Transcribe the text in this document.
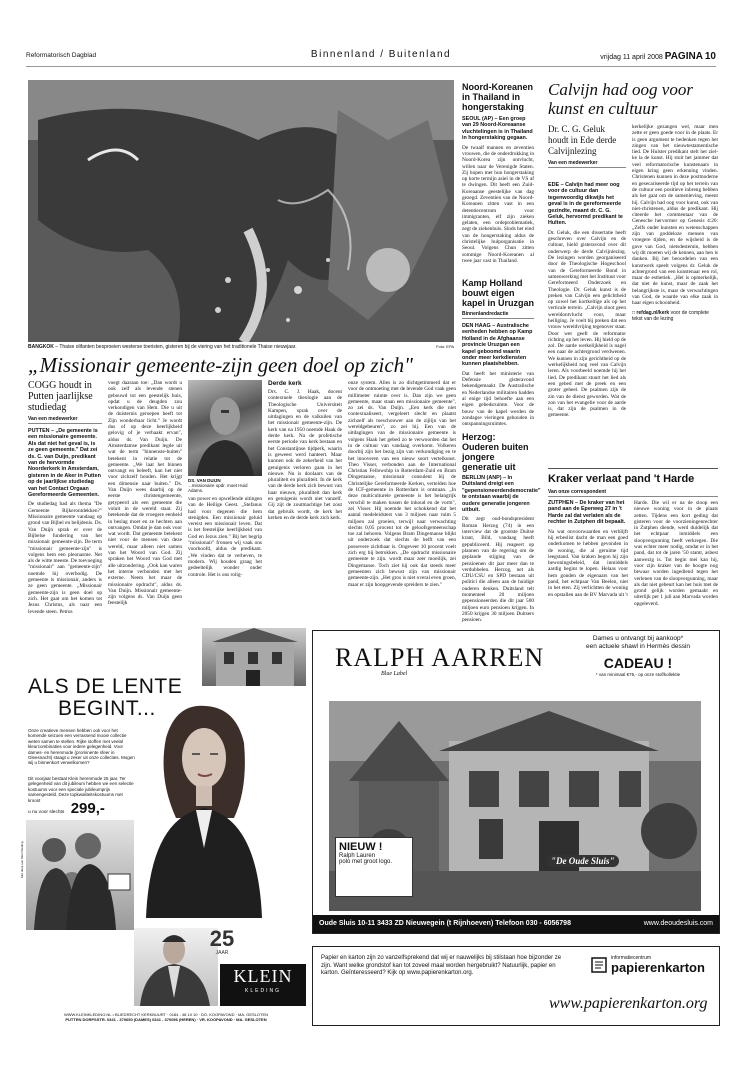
Reformatorisch Dagblad	Binnenland / Buitenland	vrijdag 11 april 2008 PAGINA 10
BANGKOK – Thaise olifanten besproeien westerse toeristen, gisteren bij de viering van het traditionele Thaise nieuwjaar.	Foto: EPA
Noord-Koreanen in Thailand in hongerstaking

SEOUL (AP) – Een groep van 29 Noord-Koreaanse vluchtelingen is in Thailand in hongerstaking gegaan.

De twaalf mannen en zeventien vrouwen, die de onderdrukking in Noord-Korea zijn ontvlucht, willen naar de Verenigde Staten. Zij hopen met hun hongerstaking op korte termijn asiel in de VS af te dwingen. Dit heeft een Zuid-Koreaanse geestelijke van dag gezegd. Zeventien van de Noord-Koreanen zitten vast in een detentiecentrum voor immigranten, elf zijn zieken gelaten, een ordeproblematiek, zegt de ziekenhuis. Sinds het eind van de hongerstaking aldus de christelijke hulporganisatie in Seoul. Volgens Chun zitten sommige Noord-Koreanen al twee jaar vast in Thailand.

Kamp Holland bouwt eigen kapel in Uruzgan
Binnenlandredactie

DEN HAAG – Australische eenheden hebben op Kamp Holland in de Afghaanse provincie Uruzgan een kapel geboomd waarin onder meer kerkdiensten kunnen plaatshebben.

Dat heeft het ministerie van Defensie gisteravond bekendgemaakt. De Australische en Nederlandse militairen hadden al enige tijd behoefte aan een eigen gebedsruimte. Voor de bouw van de kapel werden de zondagse vieringen gehouden in ontspanningsruimtes.

Herzog: Ouderen buiten jongere generatie uit

BERLIJN (ANP) – In Duitsland dreigt een "gepensioneerdendemocratie" te ontstaan waarbij de oudere generatie jongeren uitbuit.

Dit zegt oud-bondspresident Roman Herzog (74) in een interview dat de grootste Duitse krant, Bild, vandaag heeft gepubliceerd. Hij reageert op plannen van de regering om de geplande stijging van de pensioenen dit jaar meer dan te verdubbelen. Herzog, net als CDU/CSU en SPD bestaan uit politici die alleen aan de huidige ouderen denken. Duitsland telt momenteel 20 miljoen gepensioneerden die dit jaar 500 miljoen euro pensioen krijgen. In 2050 krijgen 30 miljoen Duitsers pensioen.

Calvijn had oog voor kunst en cultuur
Dr. C. G. Geluk houdt in Ede derde Calvijnlezing
Van een medewerker

EDE – Calvijn had meer oog voor de cultuur dan tegenwoordig dikwijls het geval is in de gereformeerde gezindte, maant dr. C. G. Geluk, hervormd predikant te Hulten.

Dr. Geluk, die een dissertatie heeft geschreven over Calvijn en de cultuur, hield gisteravond over dit onderwerp de derde Calvijnlezing. De lezingen worden georganiseerd door de Theologische Hogeschool van de Gereformeerde Bond in samenwerking met het Instituut voor Gereformeerd Onderzoek en Theologie. Dr. Geluk kunst is de preken van Calvijn een gelichtheid op zowel het kortkeltige als op het verticale terrein. „Calvijn sloot geen wereldontvlucht voor, maar heiliging. Je voelt bij preken dat een vrouw wereldvrijing tegenover staat. Door wet geeft de reformator richting op het leven. Hij hield op de zol. De aarde werkelijkheid is nagel een naar de achtergrond verdwenen. We kunnen in zijn gerichtheid op de werkelijkheid nog veel van Calvijn leren. Als voorbeeld noemde hij het lied. De predikant stuurt het lied als een gebed met de preek en een groter geheel. De psalmen zijn de zin van de dienst geworden. Wat de zon van het evangelie voor de aarde is, dat zijn de psalmen in de gemeente.

kerkelijke gezangen wel, maar men zette er geen goede voor in de plaats. Er is geen argument te bedenken tegen het zingen van het nieuwtestamentische lied. De Hulster predikant stelt het ziel-ke la de kunst. Hij stuit het jammer dat veel reformatorische kunstenaars in eigen kring geen erkenning vinden. Christenen kunnen in deze postmoderne en gesecariseerde tijd op het terrein van de cultuur een positieve inbreng hebben als het gaat om de samenleving, meent hij. Calvijn had oog voor kunst, ook van niet-christenen, aldus de predikant. Hij citeerde het commentaar van de Genesche hervormer op Genesis 4:20: „Zelfs onder kunsten en wetenschappen zijn van goddeloze mensen van vroegere tijden, en de wijsheid is de gave van God, nietsdestemin, hebben wij dit moeten wij de kennen, aan hen is danken. Bij het beoordelen van een kunstwerk speelt volgens dr. Geluk de achtergrond van een kunstenaar een rol, maar de esthetiek. „Het is opmerkelijk, dat niet de kunst, maar de zaak het belangrijkste is, maar de verwachtingen van God, de waarde van elke zaak in haar eigen schoonheid.

□ refdag.nl/kerk voor de complete tekst van de lezing

„Missionair gemeente-zijn geen doel op zich"
COGG houdt in Putten jaarlijkse studiedag
Van een medewerker

PUTTEN – „De gemeente is een missionaire gemeente. Als dat niet het geval is, is ze geen gemeente." Dat zei ds. C. van Duijn, predikant van de hervormde Noorderkerk in Amsterdam, gisteren in de Aker in Putten op de jaarlijkse studiedag van het Contact Orgaan Gereformeerde Gemeenten.

De studiedag had als thema "De Gemeente Rijkerontdekken?" Missionaire gemeente vandaag op grond van Bijbel en belijdenis. Ds. Van Duijn sprak er over de Bijbelse fundering van het missionair gemeente-zijn. De term "missionair gemeente-zijn" is volgens hem een pleonasme. Net als de witte meeste. De toevoeging "missionair" aan "gemeente-zijn" noemde hij overbodig. De gemeente is missionair, anders is ze geen gemeente. „Missionair gemeente-zijn is geen doel op zich. Het gaat om het komen tot Jezus Christus, als naar een levende steen. Petrus

voegt daaraan toe: „Dan wordt u ook zelf als levende stenen gebouwd tot een geestelijk huis, opdat u de deugden zou verkondigen van Hem. Die u uit de duisternis geroepen heeft tot Zijn wonderbaar licht." Je wordt dus of op deze heerlijkheid gelovig of je verbaakt ervan", aldus ds. Van Duijn. De Amsterdamse predikant legde uit wat de term "binnenste-buiten" betekent in relatie tot de gemeente. „We laat het binnen ontvangt en beleeft, kan het niet voor zichzelf houden. Het krijgt een dimensie naar buiten." Ds. Van Duijn wees daarbij op de eerste christengemeente, getypeerd als een gemeente die voluit in de wereld staat. Zij betekende dat de vroegere eenheid in beslag moet en ze hechten aan ontvangen. Omdat je dan ook voor wat wordt. Dat gemeente betekent niet voor de mensen van deze wereld, maar alleen niet samen van het Woord van God. Zij spraken het Woord van God met alle uitzondering. „Ook kan waren het interne verbonden met het externe. Neem het maar de missionaire opdracht", aldus ds. Van Duijn. Missionair gemeente-zijn volgens ds. Van Duijn geen feestelijk

DS. VAN DUIJN
...missionaire opdr. moet Huid Adams.

van power en opwellende uitingen van de Heilige Geest. „Stefanus had voor degenen die hem stenigden. Een missionair geluid vereist een missionair leven. Dat is het feestelijke heerlijkheid van God en Jezus zien." Bij het begrip "missionair" fronsen wij vaak ons voorhoofd, aldus de predikant. „We vinden dat te verheven, te modern. Wij houden graag het gedeeltelijk wonder onder controle. Het is ons rolig-

Derde kerk

Drs. C. J. Haak, docent contextuele theologie aan de Theologische Universiteit Kampen, sprak over de uitdagingen en de valkuilen van het missionair gemeente-zijn. De kerk van na 1950 noemde Haak de derde kerk. Na de profetische eerste periode van kerk bestaan en het Constantijnse tijdperk, waarin is geweest werd hanteert. Maar kunnen ook de zekerheid van het getuigenis verloren gaan in het nieuwe. Nu is doolaars van de pluraliteit en pluraliteit. In de kerk van de derde kerk zich bewust van haar nieuwe, pluraliteit dan kerk en getuigenis wordt niet vanzelf. Gij zijt de zoutmachtige het zout dat gebruik wordt, de kerk het kerken en de derde kerk zich kerk.

onze system. Alles is zo dichtgetimmerd dat er voor de ontmoeting met de levende God vaak geen millimeter ruimte over is. Dan zijn we geen gemeente, maar staan een missionaire gemeente", zo zei ds. Van Duijn. „Een kerk die niet contextualiseert, vergeleert slecht en plaatst zichzelf als toeschouwer aan de zijlijn van het wereldgebeuren", zo zei hij. Een van de uitdagingen van de missionaire gemeente is volgens Haak het gebed zo te verwoorden dat het in de cultuur van vandaag overkomt. Volkeren doorbij zijn het bezig zijn van verkondiging en te het innoveren van een nieuw soort vertelkunst. Theo Visser, verbonden aan de International Christian Fellowship in Rotterdam-Zuid en Bram Dingemanse, missionair consulent bij de Christelijke Gereformeerde Kerken, vertelden hoe de ICF-gemeente in Rotterdam is ontstaan. „In deze multiculturele gemeente is het belangrijk verschil te maken tussen de inhoud en de vorm", zei Visser. Hij noemde het schokkend dat het aantal medeleidsters van 3 miljoen naar ruim 5 miljoen zal groeien, terwijl naar verwachting slechts 0,05 procent tot de geloofsgemeenschap toe zal behoren. Volgens Bram Dingemanse blijkt uit onderzoek dat slechts de helft van een possevere zichtbaar is. Ongeveer 10 procent voelt zich erg bij betrokken. „De opdracht missionaire gemeente te zijn. wordt maar zeer moeilijk, zei Dingemanse. Toch ziet hij ook dat steeds meer gemeenten zich bewust zijn van missionair gemeente-zijn. „Het gros is niet overal even groen, maar er zijn hoopgevende spreiders te zien."

Kraker verlaat pand 't Harde
Van onze correspondent

ZUTPHEN – De kraker van het pand aan de Eperweg 27 in 't Harde zal dat verlaten als de rechter in Zutphen dit bepaalt.

Na wat onvoorwaarden en verblijft hij erbeslist dacht de man een goed onderkomen te hebben gevonden in de woning, die al geruime tijd leegstand. Van kraken begon hij zijn bewoningsbeleid, dat inmiddels aardig begint te lopen. Helaas voor hem gonden de eigenaars van het pand, het echtpaar Van Beelen, niet in het eten. Zij verlichtten de woning en opstallen aan de BV Marvada uit 't

Harde. Die wil er na de sloop een nieuwe woning voor in de plaats zetten. Tijdens een kort geding dat gisteren voor de voorzieningenrechter in Zutphen diende, werd duidelijk dat het echtpaar inmiddels een sloopvergunning heeft verkregen. Die was echter meer nodig, omdat er in het pand, dat tot de jaren '50 stamt, asbest aanwezig is. Tot begin mei kan hij, voor zijn kraker van de hoogte nog bewaar worden ingediend tegen het verlenen van de sloopvergunning, maar als dat niet gebeurt kan het huis met de grond gelijk worden gemaakt en uiterlijk per 1 juli aan Marvada worden opgeleverd.

ALS DE LENTE
BEGINT...
Onze creatieve mensen hebben ook voor het komende seizoen een verrassend mooie collectie weten samen te stellen. Rijke stoffen met veelal kleurcombinaties voor iedere gelegenheid. Voor dames- en herenmode (prominente sfeer in Gleesnacht) staagt u zeker uit onze collecties. Mogen wij u binnenkort verwelkomen?
Dit voorjaar bestaat Klein herenmode 25 jaar. Ter gelegenheid van dit jubileum hebben we een selectie kostuums voor een speciale jubileumprijs samengesteld. Deze topkwaliteitskostuums met kroost
u nu voor slechts 299,-
Met dank aan Klein Kleding
25
JAAR
KLEIN
KLEDING
WWW.KLEINKLEDING.NL • BLIEDRECHT KERKBUURT · 0184 - 48 10 10 · DO. KOOPAVOND · MA. GESLOTEN
PUTTEN DORPSSTR. 0341 - 370650 (DAMES) 0341 - 370056 (HEREN) · VR. KOOPAVOND · MA. GESLOTEN
RALPH AARREN
Blue Label
Dames u ontvangt bij aankoop*
een actuele shawl in Hermès dessin
CADEAU !
* van minimaal €75,- op onze stof/kollektie
"De Oude Sluis"
NIEUW !
Ralph Lauren
polo met groot logo.
Oude Sluis 10-11 3433 ZD Nieuwegein (t Rijnhoeven) Telefoon 030 - 6056798	www.deoudesluis.com
Papier en karton zijn zo vanzelfsprekend dat wij er nauwelijks bij stilstaan hoe bijzonder ze zijn. Want welke grondstof kan tot zoveel maal worden hergebruikt? Natuurlijk, papier en karton. Geïnteresseerd? Kijk op www.papierenkarton.org.
informatiecentrum
papierenkarton
www.papierenkarton.org
